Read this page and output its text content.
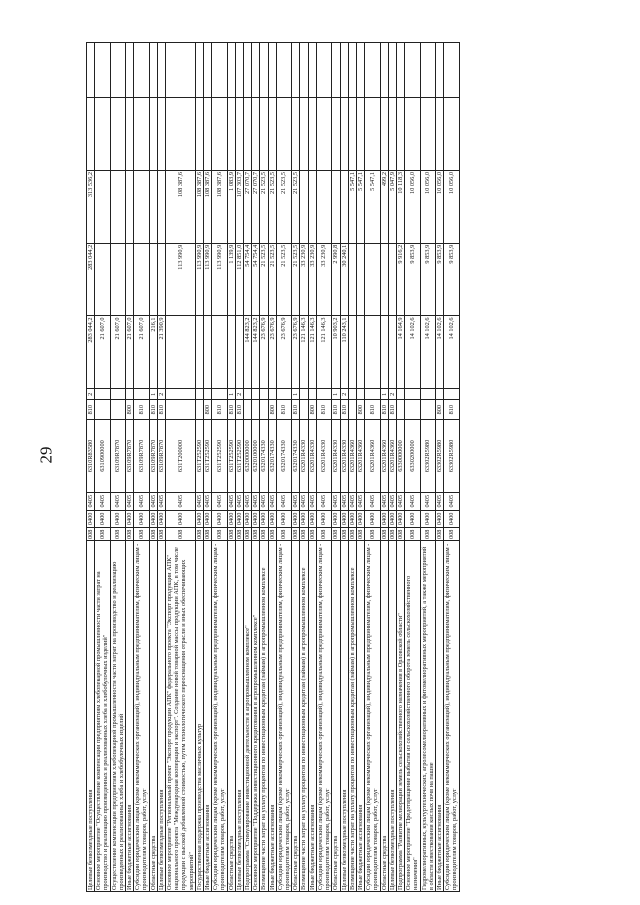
29
Целевые безвозмездные поступления	008	0400	0405	6310R83580	810	2	283 044,2	283 044,2	313 536,2		
Основное мероприятие "Осуществление компенсации предприятиям хлебопекарной промышленности части затрат на производство и реализацию произведенных и реализованных хлеба и хлебобулочных изделий"	008	0400	0405	6310900000			21 607,0				
Осуществление компенсации предприятиям хлебопекарной промышленности части затрат на производство и реализацию произведенных и реализованных хлеба и хлебобулочных изделий	008	0400	0405	63109R7870			21 607,0				
Иные бюджетные ассигнования	008	0400	0405	63109R7870	800		21 607,0				
Субсидии юридическим лицам (кроме некоммерческих организаций), индивидуальным предпринимателям, физическим лицам - производителям товаров, работ, услуг	008	0400	0405	63109R7870	810		21 607,0				
Областные средства	008	0400	0405	63109R7870	810	1	216,1				
Целевые безвозмездные поступления	008	0400	0405	63109R7870	810	2	21 390,9				
Основное мероприятие "Региональный проект "Экспорт продукции АПК" федерального проекта "Экспорт продукции АПК" национального проекта "Международная кооперация и экспорт". Создание новой товарной массы продукции АПК, в том числе продукции с высокой добавленной стоимостью, путем технологического переоснащения отрасли и иных обеспечивающих мероприятий"	008	0400	0405	631T200000				113 990,9	108 387,6		
Государственная поддержка производства масличных культур	008	0400	0405	631T252590				113 990,9	108 387,6		
Иные бюджетные ассигнования	008	0400	0405	631T252590	800			113 990,9	108 387,6		
Субсидии юридическим лицам (кроме некоммерческих организаций), индивидуальным предпринимателям, физическим лицам - производителям товаров, работ, услуг	008	0400	0405	631T252590	810			113 990,9	108 387,6		
Областные средства	008	0400	0405	631T252590	810	1		1 139,9	1 083,9		
Целевые безвозмездные поступления	008	0400	0405	631T252590	810	2		112 851,0	107 303,7		
Подпрограмма "Стимулирование инвестиционной деятельности в агропромышленном комплексе"	008	0400	0405	6320000000			144 823,2	54 754,4	27 070,7		
Основное мероприятие "Поддержка инвестиционного кредитования в агропромышленном комплексе"	008	0400	0405	6320100000			144 823,2	54 754,4	27 070,7		
Возмещение части затрат на уплату процентов по инвестиционным кредитам (займам) в агропромышленном комплексе	008	0400	0405	6320174330			23 676,9	21 523,5	21 523,5		
Иные бюджетные ассигнования	008	0400	0405	6320174330	800		23 676,9	21 523,5	21 523,5		
Субсидии юридическим лицам (кроме некоммерческих организаций), индивидуальным предпринимателям, физическим лицам - производителям товаров, работ, услуг	008	0400	0405	6320174330	810		23 676,9	21 523,5	21 523,5		
Областные средства	008	0400	0405	6320174330	810	1	23 676,9	21 523,5	21 523,5		
Возмещение части затрат на уплату процентов по инвестиционным кредитам (займам) в агропромышленном комплексе	008	0400	0405	63201R4330			121 146,3	33 230,9			
Иные бюджетные ассигнования	008	0400	0405	63201R4330	800		121 146,3	33 230,9			
Субсидии юридическим лицам (кроме некоммерческих организаций), индивидуальным предпринимателям, физическим лицам - производителям товаров, работ, услуг	008	0400	0405	63201R4330	810		121 146,3	33 230,9			
Областные средства	008	0400	0405	63201R4330	810	1	10 903,2	2 990,8			
Целевые безвозмездные поступления	008	0400	0405	63201R4330	810	2	110 243,1	30 240,1			
Возмещение части затрат на уплату процентов по инвестиционным кредитам (займам) в агропромышленном комплексе	008	0400	0405	63201R4360					5 547,1		
Иные бюджетные ассигнования	008	0400	0405	63201R4360	800				5 547,1		
Субсидии юридическим лицам (кроме некоммерческих организаций), индивидуальным предпринимателям, физическим лицам - производителям товаров, работ, услуг	008	0400	0405	63201R4360	810				5 547,1		
Областные средства	008	0400	0405	63201R4360	810	1			499,2		
Целевые безвозмездные поступления	008	0400	0405	63201R4360	810	2			5 047,9		
Подпрограмма "Развитие мелиорации земель сельскохозяйственного назначения в Орловской области"	008	0400	0405	6330000000			14 164,9	9 916,2	10 118,3		
Основное мероприятие "Предотвращение выбытия из сельскохозяйственного оборота земель сельскохозяйственного назначения"	008	0400	0405	6330200000			14 102,6	9 853,9	10 056,0		
Гидромелиоративных, культуртехнических, агролесомелиоративных и фитомелиоративных мероприятий, а также мероприятий в области известкования кислых почв на пашне	008	0400	0405	63302R5980			14 102,6	9 853,9	10 056,0		
Иные бюджетные ассигнования	008	0400	0405	63302R5980	800		14 102,6	9 853,9	10 056,0		
Субсидии юридическим лицам (кроме некоммерческих организаций), индивидуальным предпринимателям, физическим лицам - производителям товаров, работ, услуг	008	0400	0405	63302R5980	810		14 102,6	9 853,9	10 056,0		
